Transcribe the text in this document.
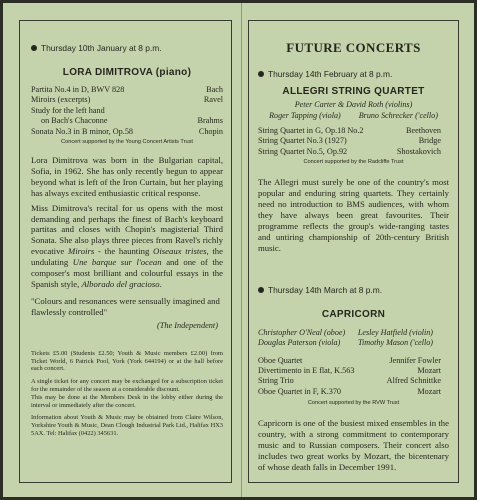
Thursday 10th January at 8 p.m.
LORA DIMITROVA (piano)
Partita No.4 in D, BWV 828	Bach
Miroirs (excerpts)	Ravel
Study for the left hand
on Bach's Chaconne	Brahms
Sonata No.3 in B minor, Op.58	Chopin
Concert supported by the Young Concert Artists Trust

Lora Dimitrova was born in the Bulgarian capital, Sofia, in 1962. She has only recently begun to appear beyond what is left of the Iron Curtain, but her playing has always excited enthusiastic critical response.

Miss Dimitrova's recital for us opens with the most demanding and perhaps the finest of Bach's keyboard partitas and closes with Chopin's magisterial Third Sonata. She also plays three pieces from Ravel's richly evocative Miroirs - the haunting Oiseaux tristes, the undulating Une barque sur l'ocean and one of the composer's most brilliant and colourful essays in the Spanish style, Alborado del gracioso.

"Colours and resonances were sensually imagined and flawlessly controlled"

(The Independent)

Tickets £5.00 (Students £2.50; Youth & Music members £2.00) from Ticket World, 6 Patrick Pool, York (York 644194) or at the hall before each concert.

A single ticket for any concert may be exchanged for a subscription ticket for the remainder of the season at a considerable discount.

This may be done at the Members Desk in the lobby either during the interval or immediately after the concert.

Information about Youth & Music may be obtained from Claire Wilson, Yorkshire Youth & Music, Dean Clough Industrial Park Ltd., Halifax HX3 5AX. Tel: Halifax (0422) 345631.

FUTURE CONCERTS
Thursday 14th February at 8 p.m.
ALLEGRI STRING QUARTET
Peter Carter & David Roth (violins)
Roger Tapping (viola) Bruno Schrecker ('cello)
String Quartet in G, Op.18 No.2	Beethoven
String Quartet No.3 (1927)	Bridge
String Quartet No.5, Op.92	Shostakovich
Concert supported by the Radcliffe Trust

The Allegri must surely be one of the country's most popular and enduring string quartets. They certainly need no introduction to BMS audiences, with whom they have always been great favourites. Their programme reflects the group's wide-ranging tastes and untiring championship of 20th-century British music.

Thursday 14th March at 8 p.m.
CAPRICORN
Christopher O'Neal (oboe) Lesley Hatfield (violin)
Douglas Paterson (viola) Timothy Mason ('cello)
Oboe Quartet	Jennifer Fowler
Divertimento in E flat, K.563	Mozart
String Trio	Alfred Schnittke
Oboe Quartet in F, K.370	Mozart
Concert supported by the RVW Trust

Capricorn is one of the busiest mixed ensembles in the country, with a strong commitment to contemporary music and to Russian composers. Their concert also includes two great works by Mozart, the bicentenary of whose death falls in December 1991.
